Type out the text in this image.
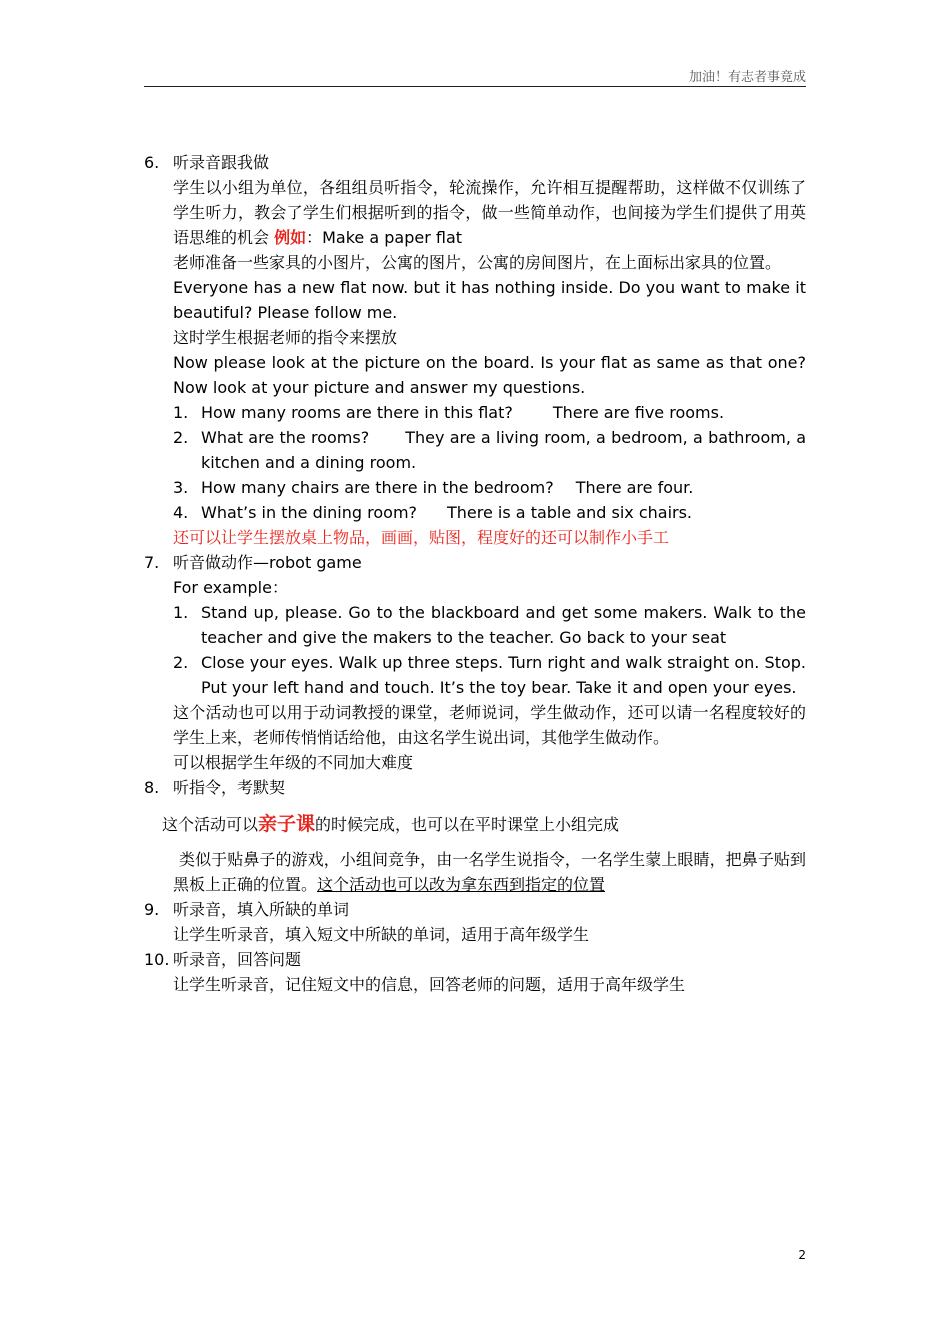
加油！有志者事竟成
6. 听录音跟我做
学生以小组为单位，各组组员听指令，轮流操作，允许相互提醒帮助，这样做不仅训练了学生听力，教会了学生们根据听到的指令，做一些简单动作，也间接为学生们提供了用英语思维的机会 例如：Make a paper flat
老师准备一些家具的小图片，公寓的图片，公寓的房间图片，在上面标出家具的位置。
Everyone has a new flat now. but it has nothing inside. Do you want to make it beautiful? Please follow me.
这时学生根据老师的指令来摆放
Now please look at the picture on the board. Is your flat as same as that one? Now look at your picture and answer my questions.
1. How many rooms are there in this flat?	There are five rooms.
2. What are the rooms? They are a living room, a bedroom, a bathroom, a kitchen and a dining room.
3. How many chairs are there in the bedroom? There are four.
4. What’s in the dining room? There is a table and six chairs.
还可以让学生摆放桌上物品，画画，贴图，程度好的还可以制作小手工
7. 听音做动作—robot game
For example：
1. Stand up, please. Go to the blackboard and get some makers. Walk to the teacher and give the makers to the teacher. Go back to your seat
2. Close your eyes. Walk up three steps. Turn right and walk straight on. Stop. Put your left hand and touch. It’s the toy bear. Take it and open your eyes.
这个活动也可以用于动词教授的课堂，老师说词，学生做动作，还可以请一名程度较好的学生上来，老师传悄悄话给他，由这名学生说出词，其他学生做动作。
可以根据学生年级的不同加大难度
8. 听指令，考默契
这个活动可以亲子课的时候完成，也可以在平时课堂上小组完成
类似于贴鼻子的游戏，小组间竞争，由一名学生说指令，一名学生蒙上眼睛，把鼻子贴到黑板上正确的位置。这个活动也可以改为拿东西到指定的位置
9. 听录音，填入所缺的单词
让学生听录音，填入短文中所缺的单词，适用于高年级学生
10. 听录音，回答问题
让学生听录音，记住短文中的信息，回答老师的问题，适用于高年级学生
2
